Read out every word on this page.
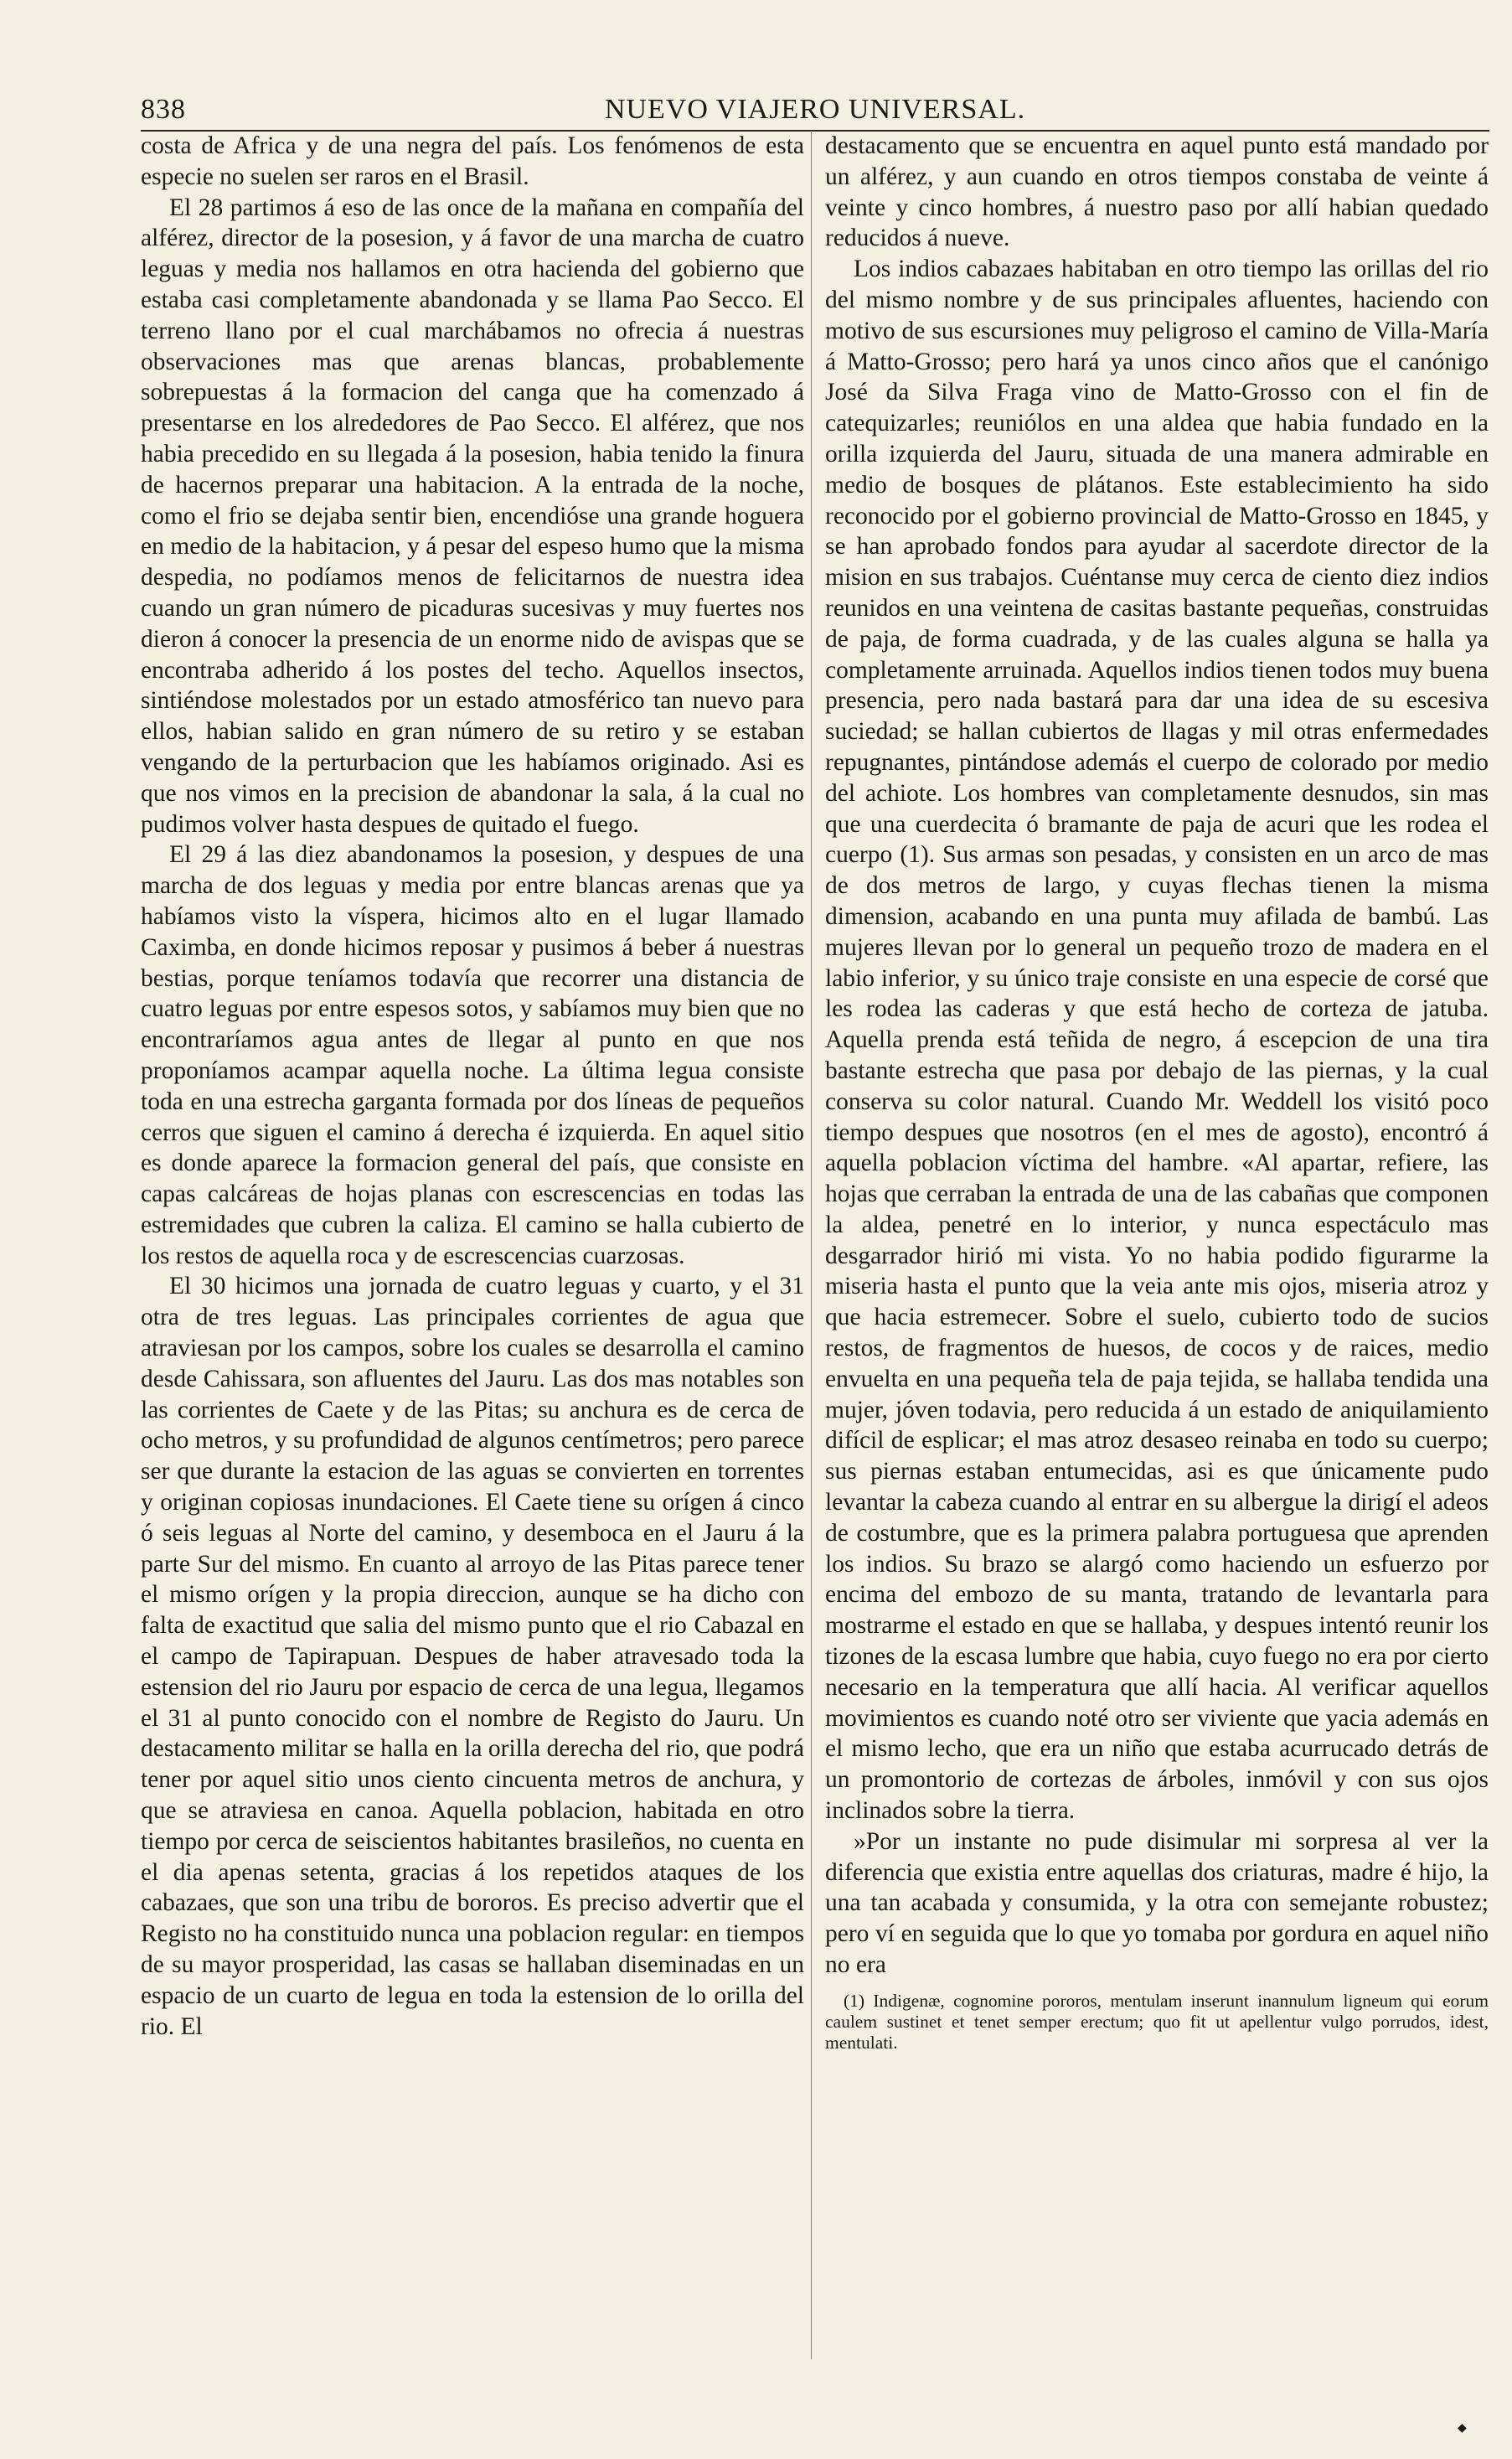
838	NUEVO VIAJERO UNIVERSAL.

costa de Africa y de una negra del país. Los fenómenos de esta especie no suelen ser raros en el Brasil.

El 28 partimos á eso de las once de la mañana en compañía del alférez, director de la posesion, y á favor de una marcha de cuatro leguas y media nos hallamos en otra hacienda del gobierno que estaba casi completamente abandonada y se llama Pao Secco. El terreno llano por el cual marchábamos no ofrecia á nuestras observaciones mas que arenas blancas, probablemente sobrepuestas á la formacion del canga que ha comenzado á presentarse en los alrededores de Pao Secco. El alférez, que nos habia precedido en su llegada á la posesion, habia tenido la finura de hacernos preparar una habitacion. A la entrada de la noche, como el frio se dejaba sentir bien, encendióse una grande hoguera en medio de la habitacion, y á pesar del espeso humo que la misma despedia, no podíamos menos de felicitarnos de nuestra idea cuando un gran número de picaduras sucesivas y muy fuertes nos dieron á conocer la presencia de un enorme nido de avispas que se encontraba adherido á los postes del techo. Aquellos insectos, sintiéndose molestados por un estado atmosférico tan nuevo para ellos, habian salido en gran número de su retiro y se estaban vengando de la perturbacion que les habíamos originado. Asi es que nos vimos en la precision de abandonar la sala, á la cual no pudimos volver hasta despues de quitado el fuego.

El 29 á las diez abandonamos la posesion, y despues de una marcha de dos leguas y media por entre blancas arenas que ya habíamos visto la víspera, hicimos alto en el lugar llamado Caximba, en donde hicimos reposar y pusimos á beber á nuestras bestias, porque teníamos todavía que recorrer una distancia de cuatro leguas por entre espesos sotos, y sabíamos muy bien que no encontraríamos agua antes de llegar al punto en que nos proponíamos acampar aquella noche. La última legua consiste toda en una estrecha garganta formada por dos líneas de pequeños cerros que siguen el camino á derecha é izquierda. En aquel sitio es donde aparece la formacion general del país, que consiste en capas calcáreas de hojas planas con escrescencias en todas las estremidades que cubren la caliza. El camino se halla cubierto de los restos de aquella roca y de escrescencias cuarzosas.

El 30 hicimos una jornada de cuatro leguas y cuarto, y el 31 otra de tres leguas. Las principales corrientes de agua que atraviesan por los campos, sobre los cuales se desarrolla el camino desde Cahissara, son afluentes del Jauru. Las dos mas notables son las corrientes de Caete y de las Pitas; su anchura es de cerca de ocho metros, y su profundidad de algunos centímetros; pero parece ser que durante la estacion de las aguas se convierten en torrentes y originan copiosas inundaciones. El Caete tiene su orígen á cinco ó seis leguas al Norte del camino, y desemboca en el Jauru á la parte Sur del mismo. En cuanto al arroyo de las Pitas parece tener el mismo orígen y la propia direccion, aunque se ha dicho con falta de exactitud que salia del mismo punto que el rio Cabazal en el campo de Tapirapuan. Despues de haber atravesado toda la estension del rio Jauru por espacio de cerca de una legua, llegamos el 31 al punto conocido con el nombre de Registo do Jauru. Un destacamento militar se halla en la orilla derecha del rio, que podrá tener por aquel sitio unos ciento cincuenta metros de anchura, y que se atraviesa en canoa. Aquella poblacion, habitada en otro tiempo por cerca de seiscientos habitantes brasileños, no cuenta en el dia apenas setenta, gracias á los repetidos ataques de los cabazaes, que son una tribu de bororos. Es preciso advertir que el Registo no ha constituido nunca una poblacion regular: en tiempos de su mayor prosperidad, las casas se hallaban diseminadas en un espacio de un cuarto de legua en toda la estension de lo orilla del rio. El

destacamento que se encuentra en aquel punto está mandado por un alférez, y aun cuando en otros tiempos constaba de veinte á veinte y cinco hombres, á nuestro paso por allí habian quedado reducidos á nueve.

Los indios cabazaes habitaban en otro tiempo las orillas del rio del mismo nombre y de sus principales afluentes, haciendo con motivo de sus escursiones muy peligroso el camino de Villa-María á Matto-Grosso; pero hará ya unos cinco años que el canónigo José da Silva Fraga vino de Matto-Grosso con el fin de catequizarles; reuniólos en una aldea que habia fundado en la orilla izquierda del Jauru, situada de una manera admirable en medio de bosques de plátanos. Este establecimiento ha sido reconocido por el gobierno provincial de Matto-Grosso en 1845, y se han aprobado fondos para ayudar al sacerdote director de la mision en sus trabajos. Cuéntanse muy cerca de ciento diez indios reunidos en una veintena de casitas bastante pequeñas, construidas de paja, de forma cuadrada, y de las cuales alguna se halla ya completamente arruinada. Aquellos indios tienen todos muy buena presencia, pero nada bastará para dar una idea de su escesiva suciedad; se hallan cubiertos de llagas y mil otras enfermedades repugnantes, pintándose además el cuerpo de colorado por medio del achiote. Los hombres van completamente desnudos, sin mas que una cuerdecita ó bramante de paja de acuri que les rodea el cuerpo (1). Sus armas son pesadas, y consisten en un arco de mas de dos metros de largo, y cuyas flechas tienen la misma dimension, acabando en una punta muy afilada de bambú. Las mujeres llevan por lo general un pequeño trozo de madera en el labio inferior, y su único traje consiste en una especie de corsé que les rodea las caderas y que está hecho de corteza de jatuba. Aquella prenda está teñida de negro, á escepcion de una tira bastante estrecha que pasa por debajo de las piernas, y la cual conserva su color natural. Cuando Mr. Weddell los visitó poco tiempo despues que nosotros (en el mes de agosto), encontró á aquella poblacion víctima del hambre. «Al apartar, refiere, las hojas que cerraban la entrada de una de las cabañas que componen la aldea, penetré en lo interior, y nunca espectáculo mas desgarrador hirió mi vista. Yo no habia podido figurarme la miseria hasta el punto que la veia ante mis ojos, miseria atroz y que hacia estremecer. Sobre el suelo, cubierto todo de sucios restos, de fragmentos de huesos, de cocos y de raices, medio envuelta en una pequeña tela de paja tejida, se hallaba tendida una mujer, jóven todavia, pero reducida á un estado de aniquilamiento difícil de esplicar; el mas atroz desaseo reinaba en todo su cuerpo; sus piernas estaban entumecidas, asi es que únicamente pudo levantar la cabeza cuando al entrar en su albergue la dirigí el adeos de costumbre, que es la primera palabra portuguesa que aprenden los indios. Su brazo se alargó como haciendo un esfuerzo por encima del embozo de su manta, tratando de levantarla para mostrarme el estado en que se hallaba, y despues intentó reunir los tizones de la escasa lumbre que habia, cuyo fuego no era por cierto necesario en la temperatura que allí hacia. Al verificar aquellos movimientos es cuando noté otro ser viviente que yacia además en el mismo lecho, que era un niño que estaba acurrucado detrás de un promontorio de cortezas de árboles, inmóvil y con sus ojos inclinados sobre la tierra.

»Por un instante no pude disimular mi sorpresa al ver la diferencia que existia entre aquellas dos criaturas, madre é hijo, la una tan acabada y consumida, y la otra con semejante robustez; pero ví en seguida que lo que yo tomaba por gordura en aquel niño no era

(1) Indigenæ, cognomine pororos, mentulam inserunt inannulum ligneum qui eorum caulem sustinet et tenet semper erectum; quo fit ut apellentur vulgo porrudos, idest, mentulati.

◆
